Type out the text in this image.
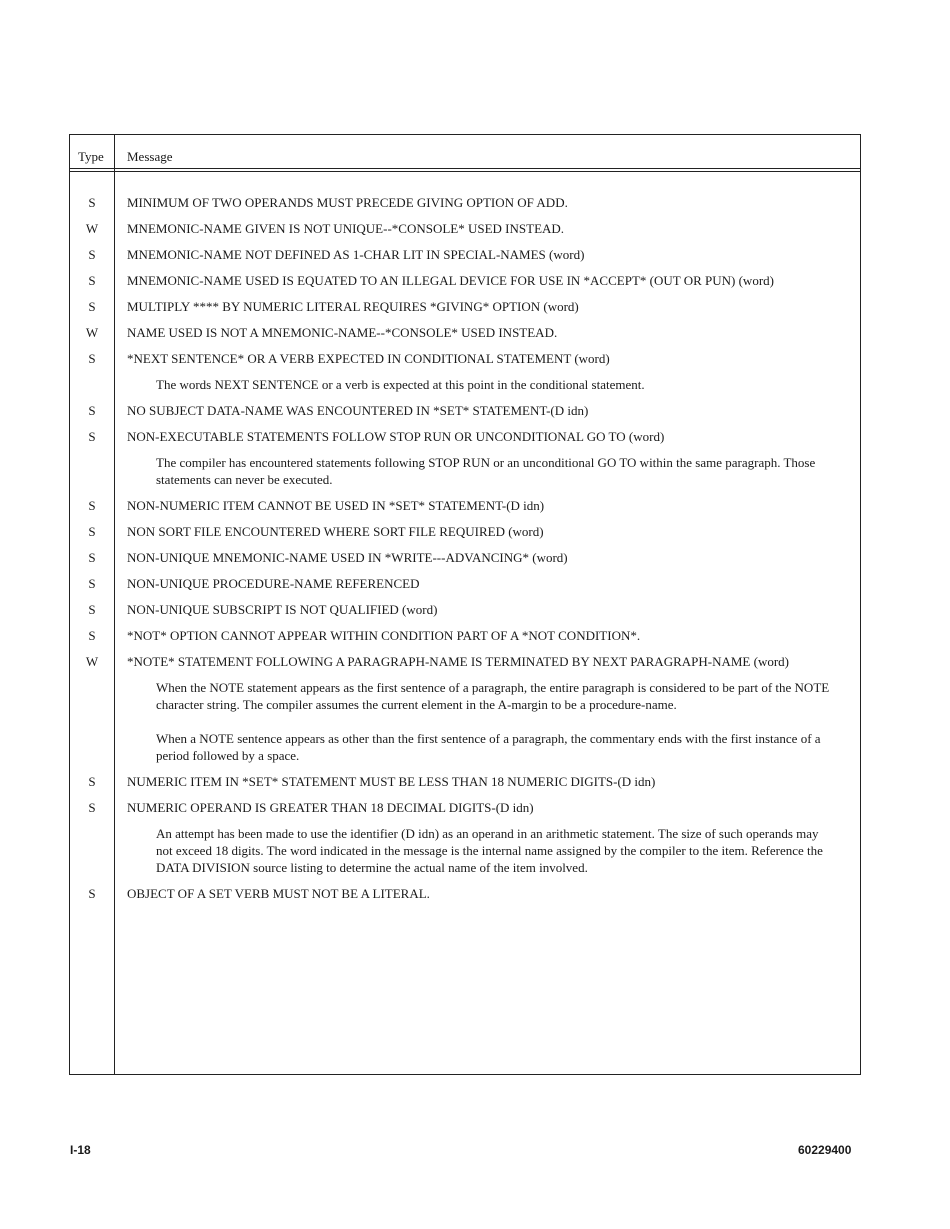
Type Message
S	MINIMUM OF TWO OPERANDS MUST PRECEDE GIVING OPTION OF ADD.
W	MNEMONIC-NAME GIVEN IS NOT UNIQUE--*CONSOLE* USED INSTEAD.
S	MNEMONIC-NAME NOT DEFINED AS 1-CHAR LIT IN SPECIAL-NAMES (word)
S	MNEMONIC-NAME USED IS EQUATED TO AN ILLEGAL DEVICE FOR USE IN *ACCEPT* (OUT OR PUN) (word)
S	MULTIPLY **** BY NUMERIC LITERAL REQUIRES *GIVING* OPTION (word)
W	NAME USED IS NOT A MNEMONIC-NAME--*CONSOLE* USED INSTEAD.
S	*NEXT SENTENCE* OR A VERB EXPECTED IN CONDITIONAL STATEMENT (word)
The words NEXT SENTENCE or a verb is expected at this point in the conditional statement.
S	NO SUBJECT DATA-NAME WAS ENCOUNTERED IN *SET* STATEMENT-(D idn)
S	NON-EXECUTABLE STATEMENTS FOLLOW STOP RUN OR UNCONDITIONAL GO TO (word)
The compiler has encountered statements following STOP RUN or an unconditional GO TO within the same paragraph. Those statements can never be executed.
S	NON-NUMERIC ITEM CANNOT BE USED IN *SET* STATEMENT-(D idn)
S	NON SORT FILE ENCOUNTERED WHERE SORT FILE REQUIRED (word)
S	NON-UNIQUE MNEMONIC-NAME USED IN *WRITE---ADVANCING* (word)
S	NON-UNIQUE PROCEDURE-NAME REFERENCED
S	NON-UNIQUE SUBSCRIPT IS NOT QUALIFIED (word)
S	*NOT* OPTION CANNOT APPEAR WITHIN CONDITION PART OF A *NOT CONDITION*.
W	*NOTE* STATEMENT FOLLOWING A PARAGRAPH-NAME IS TERMINATED BY NEXT PARAGRAPH-NAME (word)
When the NOTE statement appears as the first sentence of a paragraph, the entire paragraph is considered to be part of the NOTE character string. The compiler assumes the current element in the A-margin to be a procedure-name.
When a NOTE sentence appears as other than the first sentence of a paragraph, the commentary ends with the first instance of a period followed by a space.
S	NUMERIC ITEM IN *SET* STATEMENT MUST BE LESS THAN 18 NUMERIC DIGITS-(D idn)
S	NUMERIC OPERAND IS GREATER THAN 18 DECIMAL DIGITS-(D idn)
An attempt has been made to use the identifier (D idn) as an operand in an arithmetic statement. The size of such operands may not exceed 18 digits. The word indicated in the message is the internal name assigned by the compiler to the item. Reference the DATA DIVISION source listing to determine the actual name of the item involved.
S	OBJECT OF A SET VERB MUST NOT BE A LITERAL.
I-18	60229400
